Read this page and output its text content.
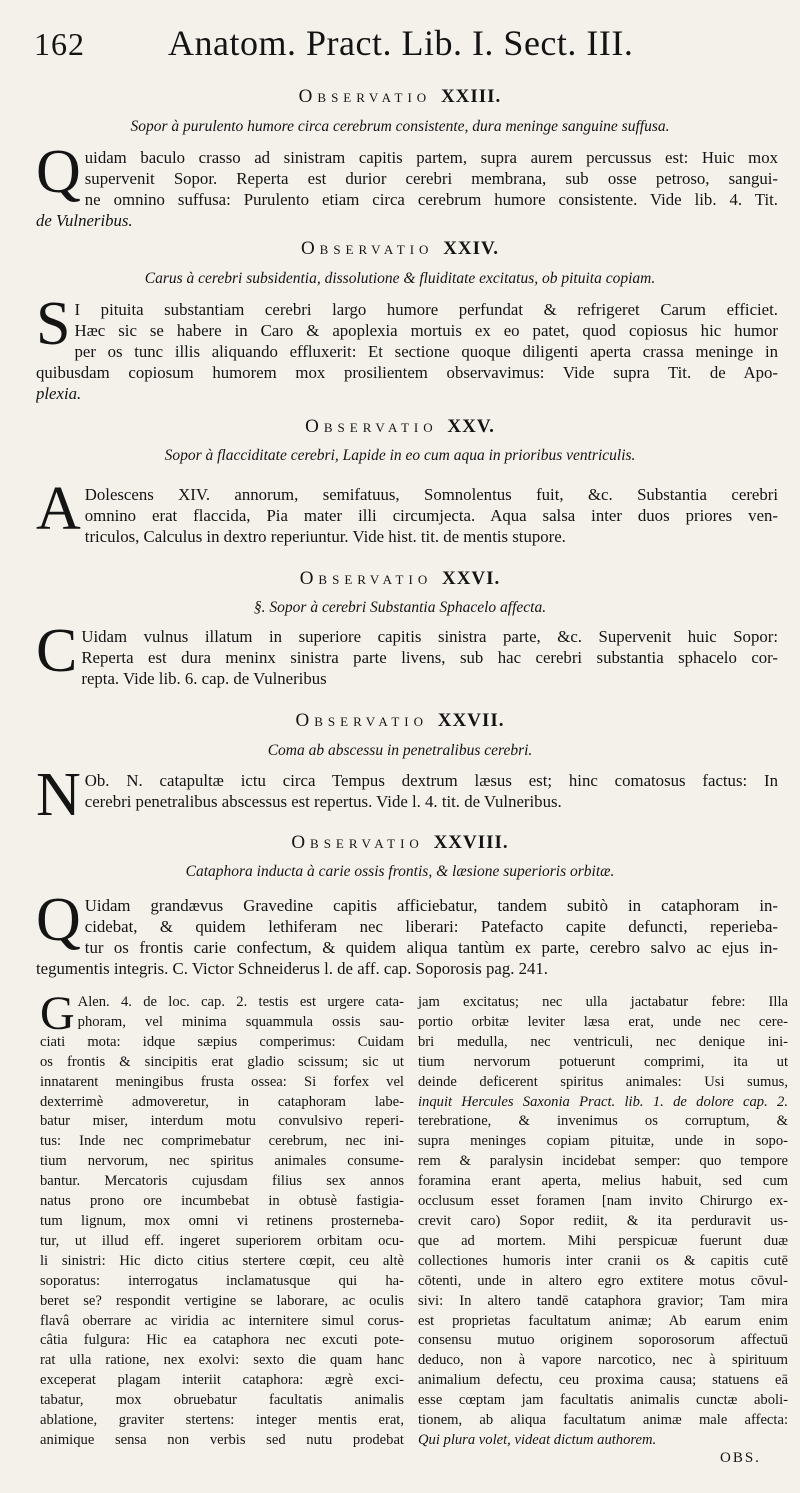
162 Anatom. Pract. Lib. I. Sect. III.
Observatio XXIII.
Sopor à purulento humore circa cerebrum consistente, dura meninge sanguine suffusa.
Q uidam baculo crasso ad sinistram capitis partem, supra aurem percussus est: Huic mox
supervenit Sopor. Reperta est durior cerebri membrana, sub osse petroso, sangui-
ne omnino suffusa: Purulento etiam circa cerebrum humore consistente. Vide lib. 4. Tit.
de Vulneribus.
Observatio XXIV.
Carus à cerebri subsidentia, dissolutione & fluiditate excitatus, ob pituita copiam.
S I pituita substantiam cerebri largo humore perfundat & refrigeret Carum efficiet.
Hæc sic se habere in Caro & apoplexia mortuis ex eo patet, quod copiosus hic humor
per os tunc illis aliquando effluxerit: Et sectione quoque diligenti aperta crassa meninge in
quibusdam copiosum humorem mox prosilientem observavimus: Vide supra Tit. de Apo-
plexia.
Observatio XXV.
Sopor à flacciditate cerebri, Lapide in eo cum aqua in prioribus ventriculis.
A Dolescens XIV. annorum, semifatuus, Somnolentus fuit, &c. Substantia cerebri
omnino erat flaccida, Pia mater illi circumjecta. Aqua salsa inter duos priores ven-
triculos, Calculus in dextro reperiuntur. Vide hist. tit. de mentis stupore.
Observatio XXVI.
§. Sopor à cerebri Substantia Sphacelo affecta.
C Uidam vulnus illatum in superiore capitis sinistra parte, &c. Supervenit huic Sopor:
Reperta est dura meninx sinistra parte livens, sub hac cerebri substantia sphacelo cor-
repta. Vide lib. 6. cap. de Vulneribus
Observatio XXVII.
Coma ab abscessu in penetralibus cerebri.
N Ob. N. catapultæ ictu circa Tempus dextrum læsus est; hinc comatosus factus: In
cerebri penetralibus abscessus est repertus. Vide l. 4. tit. de Vulneribus.
Observatio XXVIII.
Cataphora inducta à carie ossis frontis, & læsione superioris orbitæ.
Q Uidam grandævus Gravedine capitis afficiebatur, tandem subitò in cataphoram in-
cidebat, & quidem lethiferam nec liberari: Patefacto capite defuncti, reperieba-
tur os frontis carie confectum, & quidem aliqua tantùm ex parte, cerebro salvo ac ejus in-
tegumentis integris. C. Victor Schneiderus l. de aff. cap. Soporosis pag. 241.
G Alen. 4. de loc. cap. 2. testis est urgere cata-
phoram, vel minima squammula ossis sau-
ciati mota: idque sæpius comperimus: Cuidam
os frontis & sincipitis erat gladio scissum; sic ut
innatarent meningibus frusta ossea: Si forfex vel
dexterrimè admoveretur, in cataphoram labe-
batur miser, interdum motu convulsivo reperi-
tus: Inde nec comprimebatur cerebrum, nec ini-
tium nervorum, nec spiritus animales consume-
bantur. Mercatoris cujusdam filius sex annos
natus prono ore incumbebat in obtusè fastigia-
tum lignum, mox omni vi retinens prosterneba-
tur, ut illud eff. ingeret superiorem orbitam ocu-
li sinistri: Hic dicto citius stertere cœpit, ceu altè
soporatus: interrogatus inclamatusque qui ha-
beret se? respondit vertigine se laborare, ac oculis
flavâ oberrare ac viridia ac internitere simul corus-
câtia fulgura: Hic ea cataphora nec excuti pote-
rat ulla ratione, nex exolvi: sexto die quam hanc
exceperat plagam interiit cataphora: ægrè exci-
tabatur, mox obruebatur facultatis animalis
ablatione, graviter stertens: integer mentis erat,
animique sensa non verbis sed nutu prodebat
jam excitatus; nec ulla jactabatur febre: Illa
portio orbitæ leviter læsa erat, unde nec cere-
bri medulla, nec ventriculi, nec denique ini-
tium nervorum potuerunt comprimi, ita ut
deinde deficerent spiritus animales: Usi sumus,
inquit Hercules Saxonia Pract. lib. 1. de dolore cap. 2.
terebratione, & invenimus os corruptum, &
supra meninges copiam pituitæ, unde in sopo-
rem & paralysin incidebat semper: quo tempore
foramina erant aperta, melius habuit, sed cum
occlusum esset foramen [nam invito Chirurgo ex-
crevit caro) Sopor rediit, & ita perduravit us-
que ad mortem. Mihi perspicuæ fuerunt duæ
collectiones humoris inter cranii os & capitis cutē
cōtenti, unde in altero egro extitere motus cōvul-
sivi: In altero tandē cataphora gravior; Tam mira
est proprietas facultatum animæ; Ab earum enim
consensu mutuo originem soporosorum affectuū
deduco, non à vapore narcotico, nec à spirituum
animalium defectu, ceu proxima causa; statuens eā
esse cœptam jam facultatis animalis cunctæ aboli-
tionem, ab aliqua facultatum animæ male affecta:
Qui plura volet, videat dictum authorem.
OBS.
